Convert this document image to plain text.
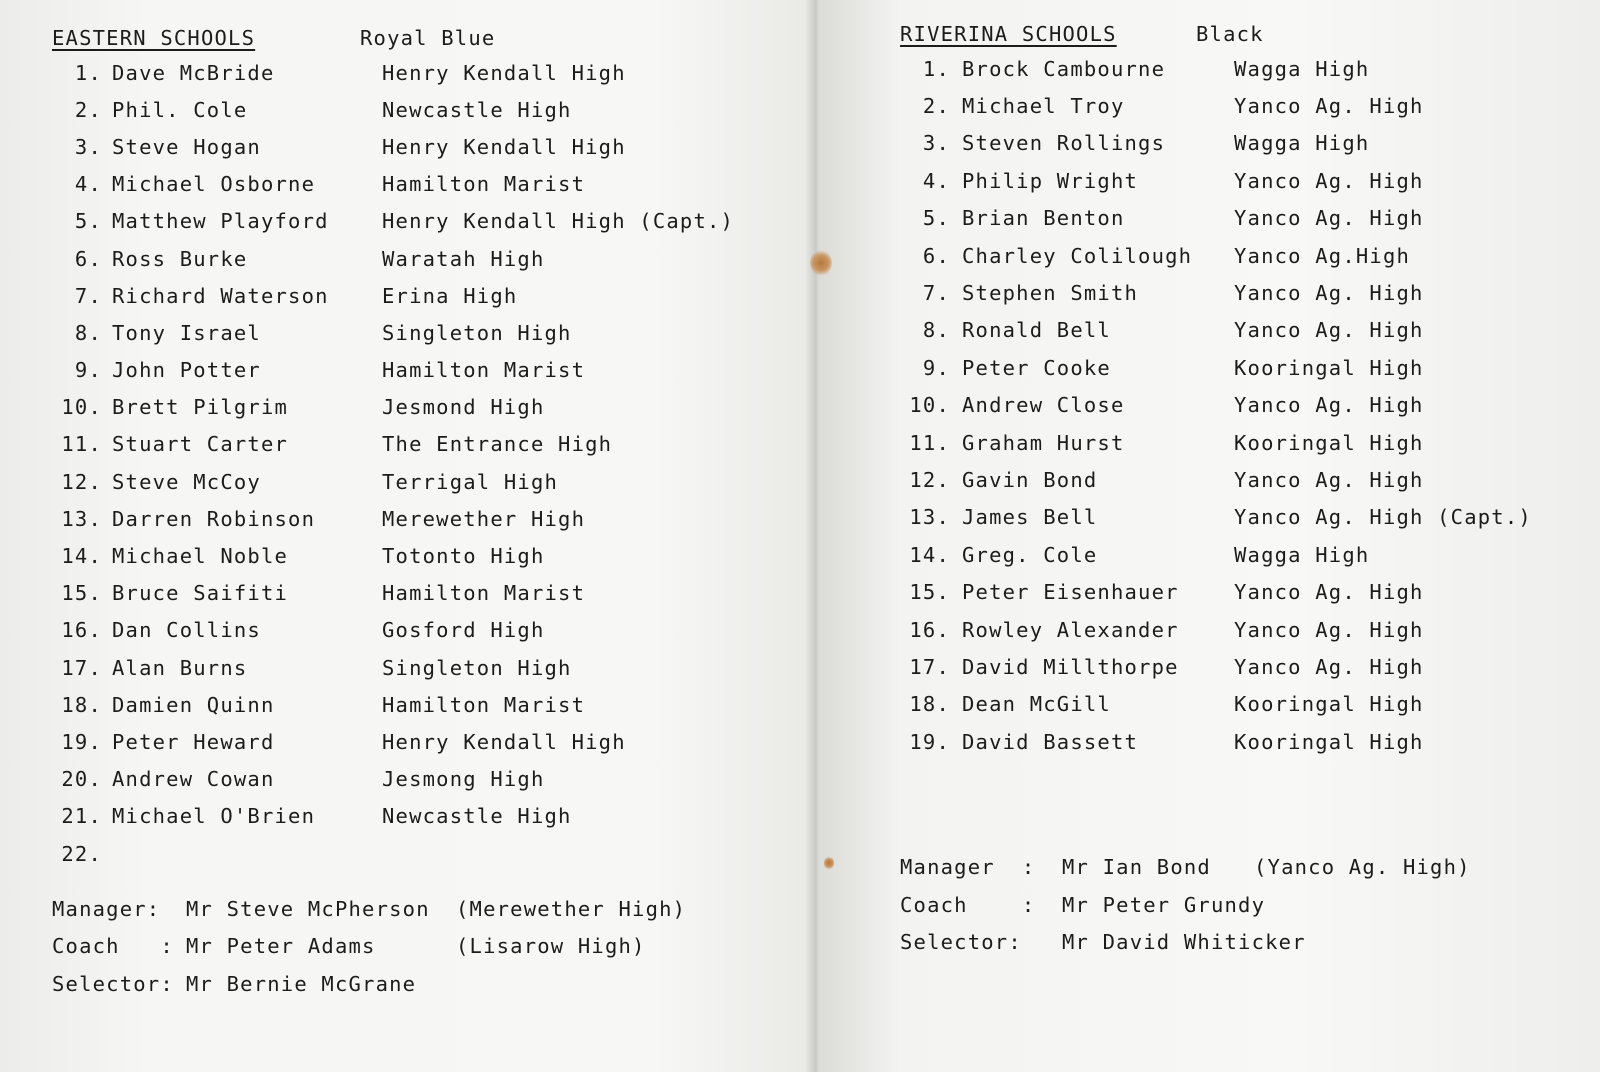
EASTERN SCHOOLS	Royal Blue
1. Dave McBride	Henry Kendall High
2. Phil. Cole	Newcastle High
3. Steve Hogan	Henry Kendall High
4. Michael Osborne	Hamilton Marist
5. Matthew Playford	Henry Kendall High (Capt.)
6. Ross Burke	Waratah High
7. Richard Waterson	Erina High
8. Tony Israel	Singleton High
9. John Potter	Hamilton Marist
10. Brett Pilgrim	Jesmond High
11. Stuart Carter	The Entrance High
12. Steve McCoy	Terrigal High
13. Darren Robinson	Merewether High
14. Michael Noble	Totonto High
15. Bruce Saifiti	Hamilton Marist
16. Dan Collins	Gosford High
17. Alan Burns	Singleton High
18. Damien Quinn	Hamilton Marist
19. Peter Heward	Henry Kendall High
20. Andrew Cowan	Jesmong High
21. Michael O'Brien	Newcastle High
22.
Manager:	Mr Steve McPherson	(Merewether High)
Coach   : Mr Peter Adams	(Lisarow High)
Selector: Mr Bernie McGrane
RIVERINA SCHOOLS	Black
1. Brock Cambourne	Wagga High
2. Michael Troy	Yanco Ag. High
3. Steven Rollings	Wagga High
4. Philip Wright	Yanco Ag. High
5. Brian Benton	Yanco Ag. High
6. Charley Colilough	Yanco Ag.High
7. Stephen Smith	Yanco Ag. High
8. Ronald Bell	Yanco Ag. High
9. Peter Cooke	Kooringal High
10. Andrew Close	Yanco Ag. High
11. Graham Hurst	Kooringal High
12. Gavin Bond	Yanco Ag. High
13. James Bell	Yanco Ag. High (Capt.)
14. Greg. Cole	Wagga High
15. Peter Eisenhauer	Yanco Ag. High
16. Rowley Alexander	Yanco Ag. High
17. David Millthorpe	Yanco Ag. High
18. Dean McGill	Kooringal High
19. David Bassett	Kooringal High
Manager  :	Mr Ian Bond	(Yanco Ag. High)
Coach    :	Mr Peter Grundy
Selector:	Mr David Whiticker
